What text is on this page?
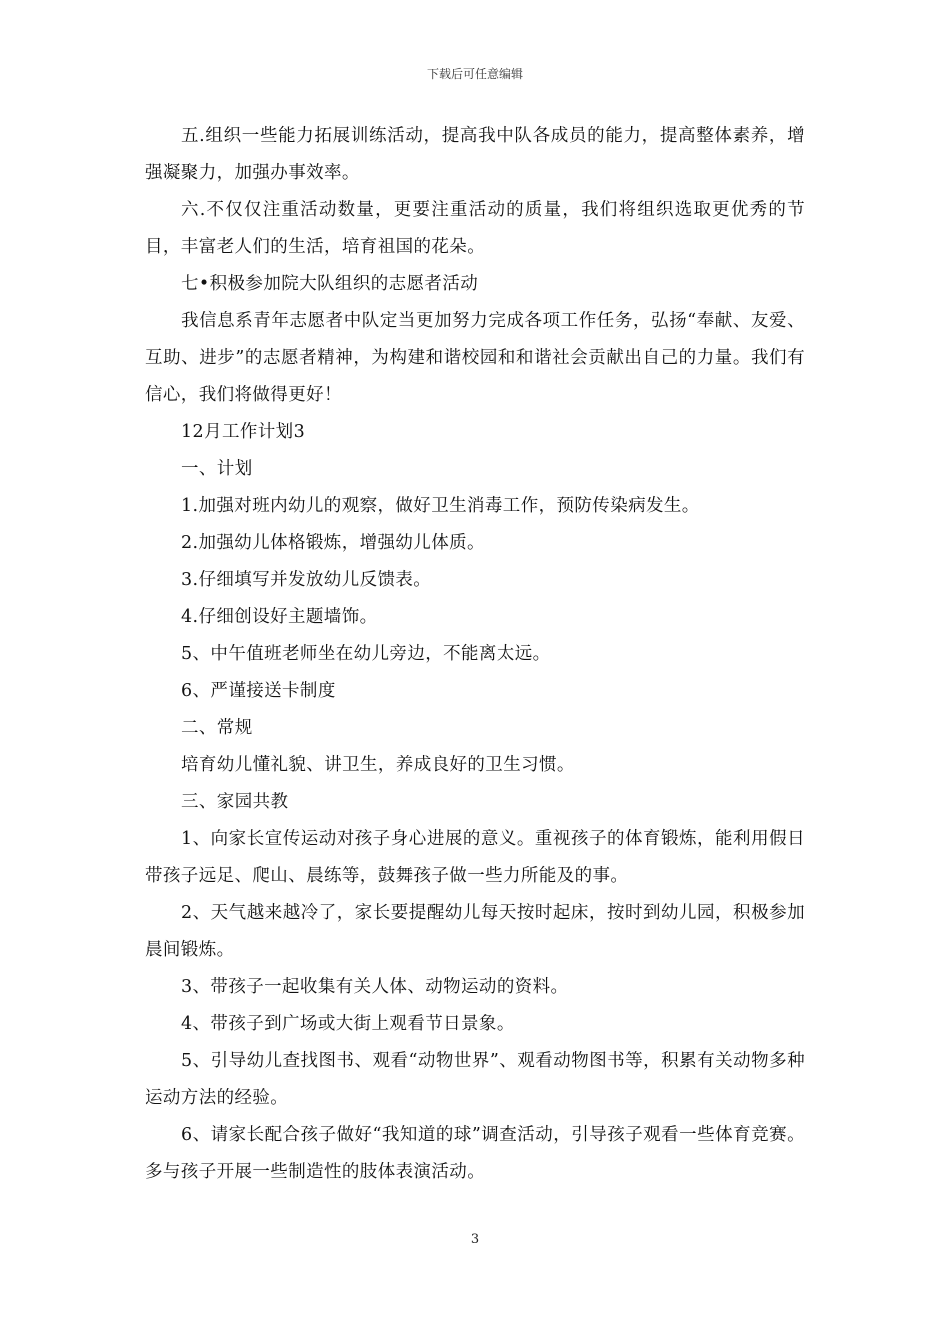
下载后可任意编辑

五.组织一些能力拓展训练活动，提高我中队各成员的能力，提高整体素养，增强凝聚力，加强办事效率。

六.不仅仅注重活动数量，更要注重活动的质量，我们将组织选取更优秀的节目，丰富老人们的生活，培育祖国的花朵。

七•积极参加院大队组织的志愿者活动

我信息系青年志愿者中队定当更加努力完成各项工作任务，弘扬“奉献、友爱、互助、进步”的志愿者精神，为构建和谐校园和和谐社会贡献出自己的力量。我们有信心，我们将做得更好！

12月工作计划3

一、计划

1.加强对班内幼儿的观察，做好卫生消毒工作，预防传染病发生。

2.加强幼儿体格锻炼，增强幼儿体质。

3.仔细填写并发放幼儿反馈表。

4.仔细创设好主题墙饰。

5、中午值班老师坐在幼儿旁边，不能离太远。

6、严谨接送卡制度

二、常规

培育幼儿懂礼貌、讲卫生，养成良好的卫生习惯。

三、家园共教

1、向家长宣传运动对孩子身心进展的意义。重视孩子的体育锻炼，能利用假日带孩子远足、爬山、晨练等，鼓舞孩子做一些力所能及的事。

2、天气越来越冷了，家长要提醒幼儿每天按时起床，按时到幼儿园，积极参加晨间锻炼。

3、带孩子一起收集有关人体、动物运动的资料。

4、带孩子到广场或大街上观看节日景象。

5、引导幼儿查找图书、观看“动物世界”、观看动物图书等，积累有关动物多种运动方法的经验。

6、请家长配合孩子做好“我知道的球”调查活动，引导孩子观看一些体育竞赛。多与孩子开展一些制造性的肢体表演活动。

3
